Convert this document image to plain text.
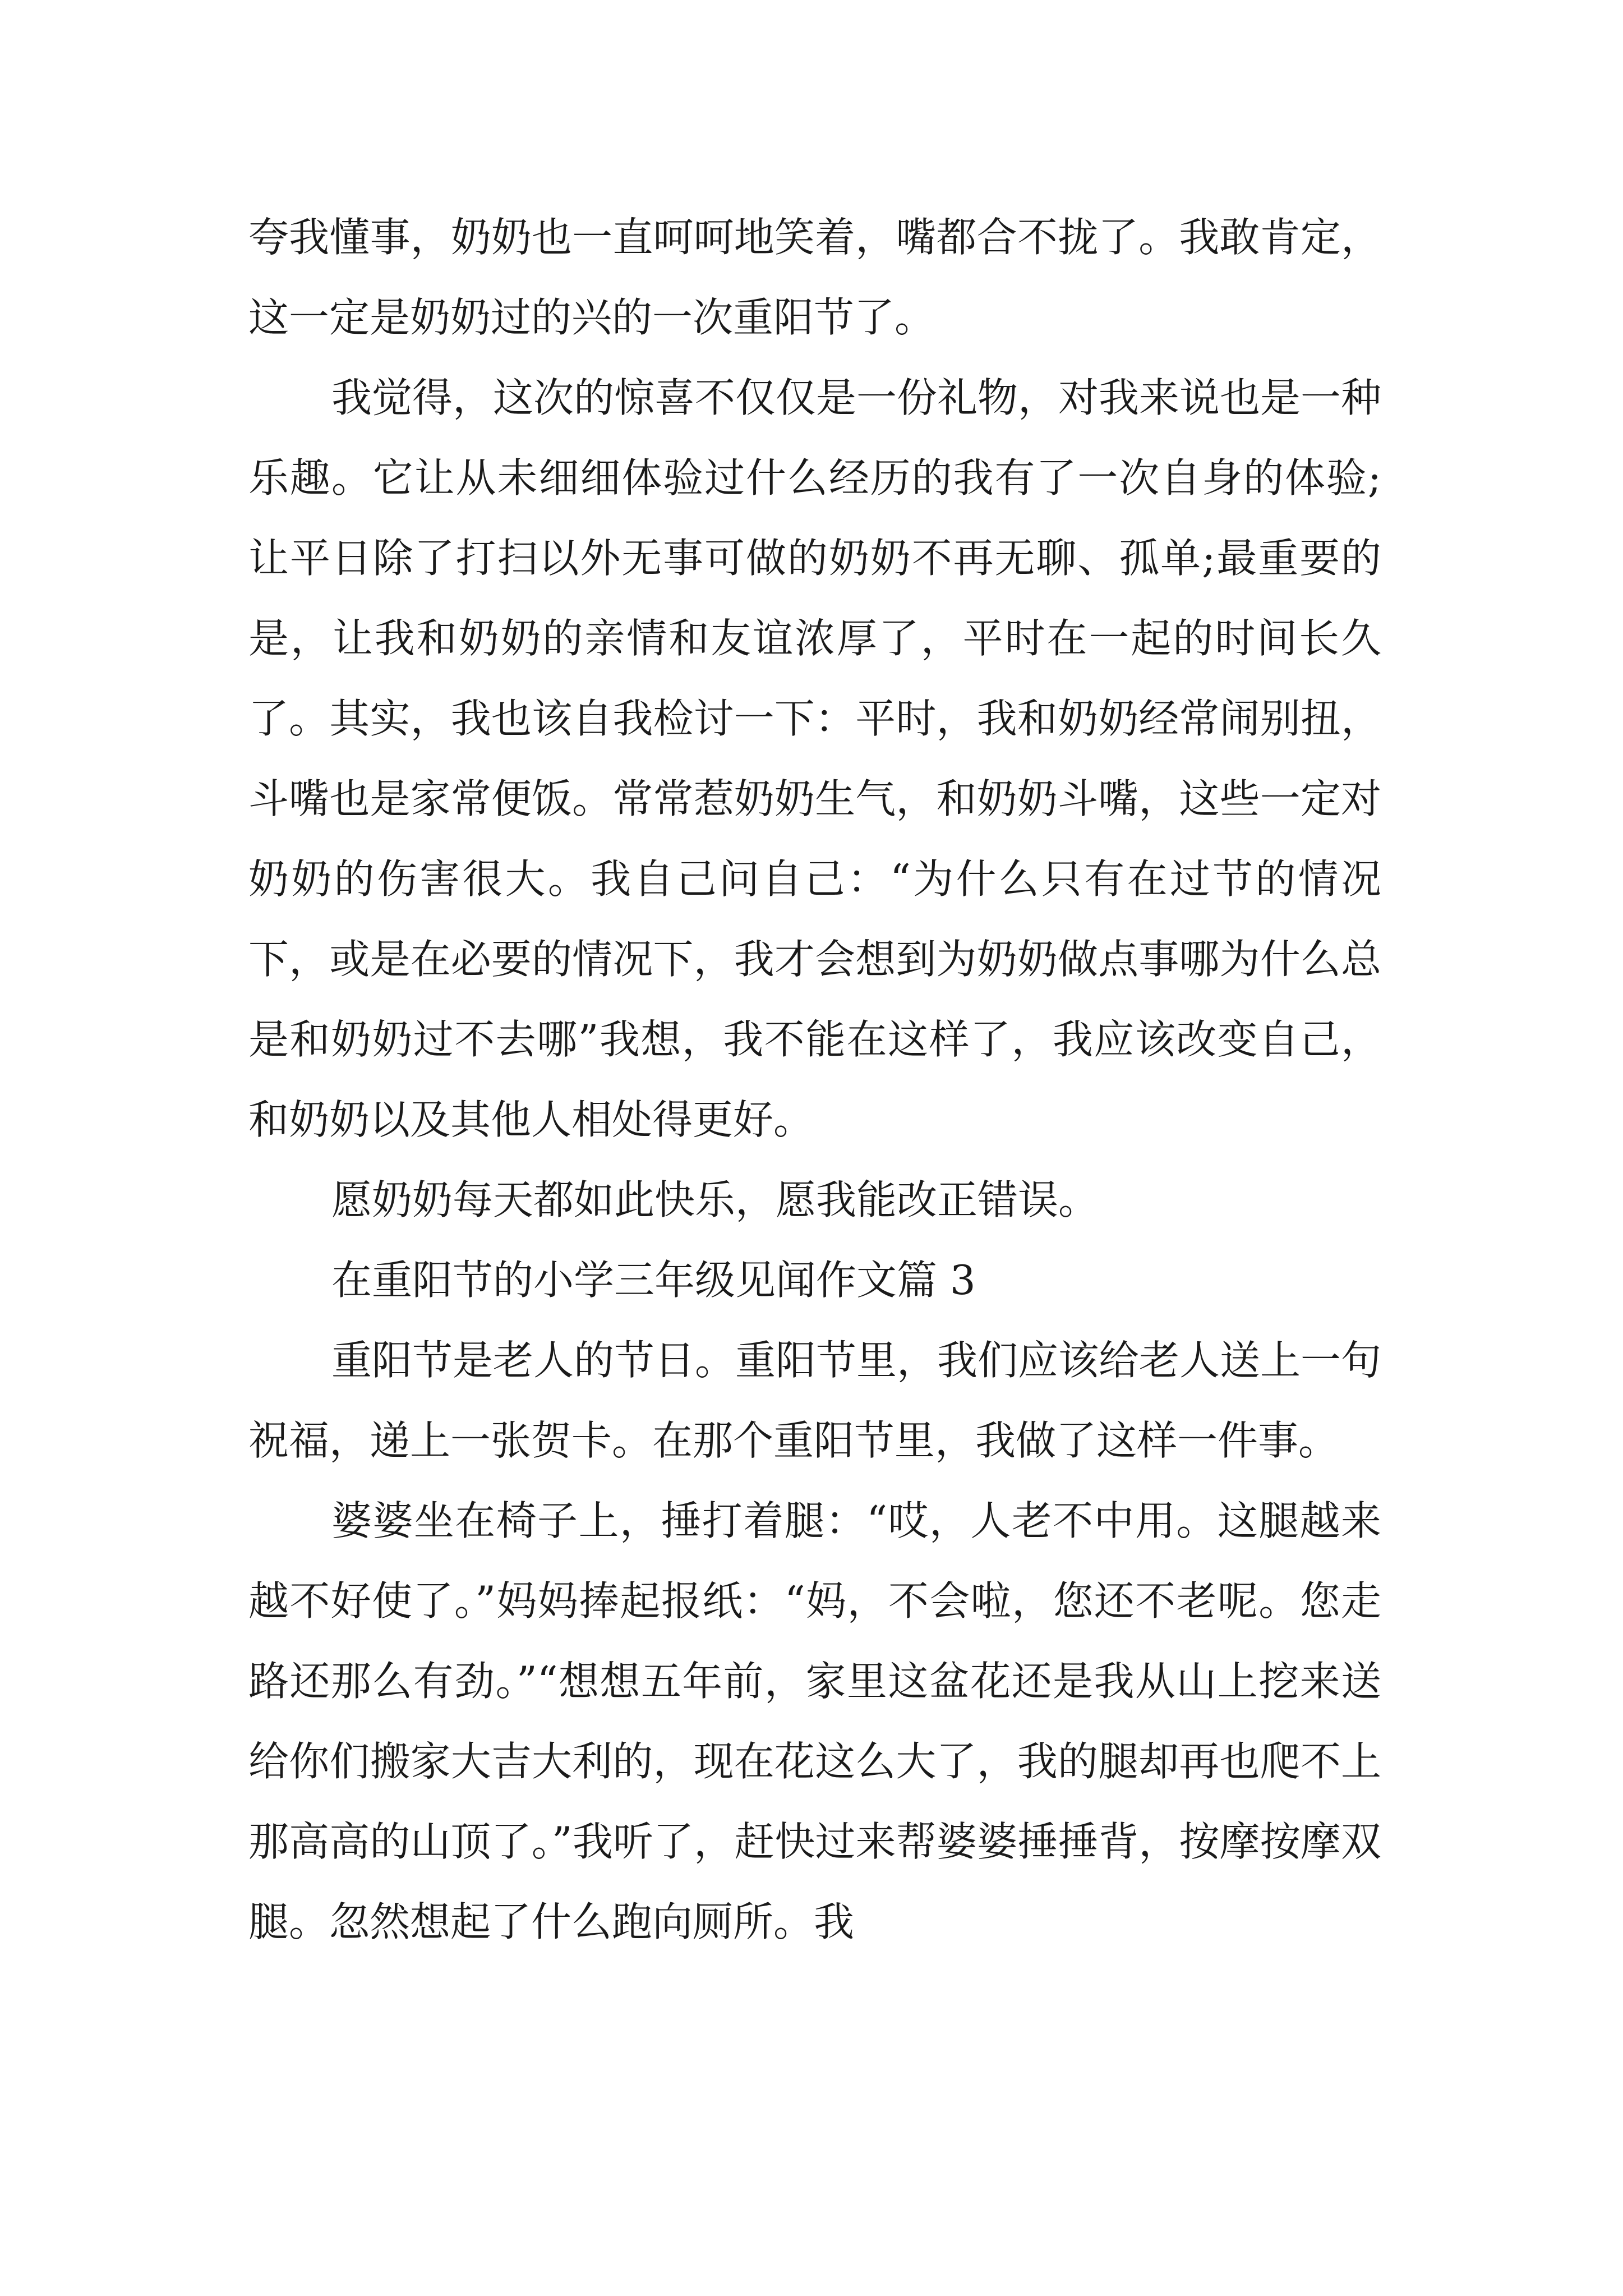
夸我懂事，奶奶也一直呵呵地笑着，嘴都合不拢了。我敢肯定，这一定是奶奶过的兴的一次重阳节了。

我觉得，这次的惊喜不仅仅是一份礼物，对我来说也是一种乐趣。它让从未细细体验过什么经历的我有了一次自身的体验;让平日除了打扫以外无事可做的奶奶不再无聊、孤单;最重要的是，让我和奶奶的亲情和友谊浓厚了，平时在一起的时间长久了。其实，我也该自我检讨一下：平时，我和奶奶经常闹别扭，斗嘴也是家常便饭。常常惹奶奶生气，和奶奶斗嘴，这些一定对奶奶的伤害很大。我自己问自己：“为什么只有在过节的情况下，或是在必要的情况下，我才会想到为奶奶做点事哪为什么总是和奶奶过不去哪”我想，我不能在这样了，我应该改变自己，和奶奶以及其他人相处得更好。

愿奶奶每天都如此快乐，愿我能改正错误。

在重阳节的小学三年级见闻作文篇 3

重阳节是老人的节日。重阳节里，我们应该给老人送上一句祝福，递上一张贺卡。在那个重阳节里，我做了这样一件事。

婆婆坐在椅子上，捶打着腿：“哎，人老不中用。这腿越来越不好使了。”妈妈捧起报纸：“妈，不会啦，您还不老呢。您走路还那么有劲。”“想想五年前，家里这盆花还是我从山上挖来送给你们搬家大吉大利的，现在花这么大了，我的腿却再也爬不上那高高的山顶了。”我听了，赶快过来帮婆婆捶捶背，按摩按摩双腿。忽然想起了什么跑向厕所。我
